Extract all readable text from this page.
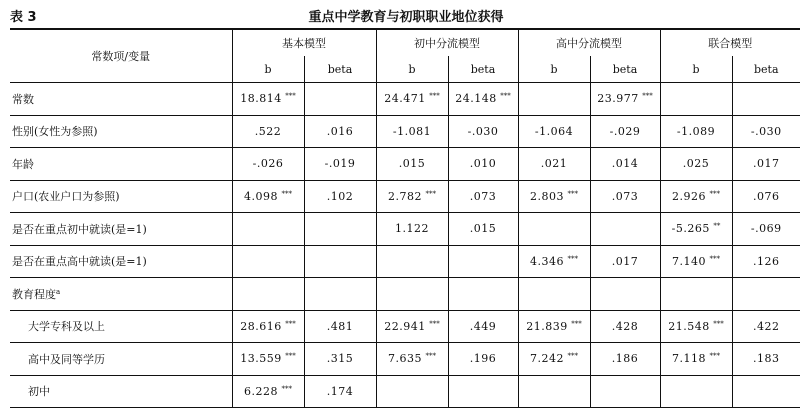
表 3	重点中学教育与初职职业地位获得
常数项/变量	基本模型		初中分流模型		高中分流模型		联合模型	
	b	beta	b	beta	b	beta	b	beta
常数	18.814 ***		24.471 ***	24.148 ***		23.977 ***		
性别(女性为参照)	.522	.016	-1.081	-.030	-1.064	-.029	-1.089	-.030
年龄	-.026	-.019	.015	.010	.021	.014	.025	.017
户口(农业户口为参照)	4.098 ***	.102	2.782 ***	.073	2.803 ***	.073	2.926 ***	.076
是否在重点初中就读(是=1)			1.122	.015			-5.265 **	-.069
是否在重点高中就读(是=1)					4.346 ***	.017	7.140 ***	.126
教育程度$^a$								
大学专科及以上	28.616 ***	.481	22.941 ***	.449	21.839 ***	.428	21.548 ***	.422
高中及同等学历	13.559 ***	.315	7.635 ***	.196	7.242 ***	.186	7.118 ***	.183
初中	6.228 ***	.174						
